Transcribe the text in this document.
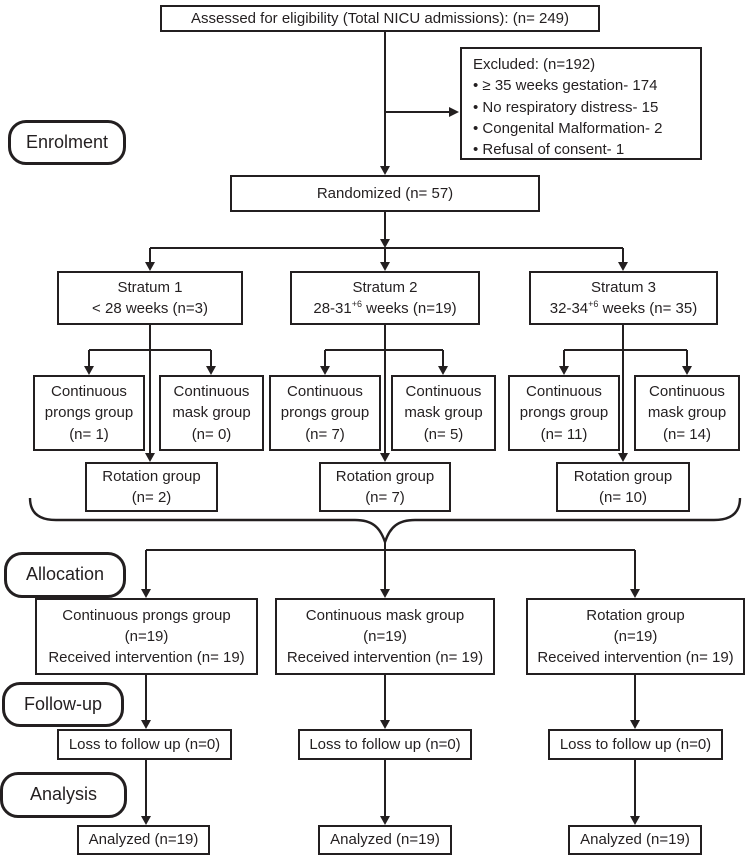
Assessed for eligibility (Total NICU admissions): (n= 249)
Excluded: (n=192)
• ≥ 35 weeks gestation- 174
• No respiratory distress- 15
• Congenital Malformation- 2
• Refusal of consent- 1
Enrolment
Randomized (n= 57)
Stratum 1
< 28 weeks (n=3)
Stratum 2
$28-31^{+6}$ weeks (n=19)
Stratum 3
$32-34^{+6}$ weeks (n= 35)
Continuous
prongs group
(n= 1)
Continuous
mask group
(n= 0)
Continuous
prongs group
(n= 7)
Continuous
mask group
(n= 5)
Continuous
prongs group
(n= 11)
Continuous
mask group
(n= 14)
Rotation group
(n= 2)
Rotation group
(n= 7)
Rotation group
(n= 10)
Allocation
Continuous prongs group
(n=19)
Received intervention (n= 19)
Continuous mask group
(n=19)
Received intervention (n= 19)
Rotation group
(n=19)
Received intervention (n= 19)
Follow-up
Loss to follow up (n=0)	Loss to follow up (n=0)	Loss to follow up (n=0)
Analysis
Analyzed (n=19)	Analyzed (n=19)	Analyzed (n=19)
